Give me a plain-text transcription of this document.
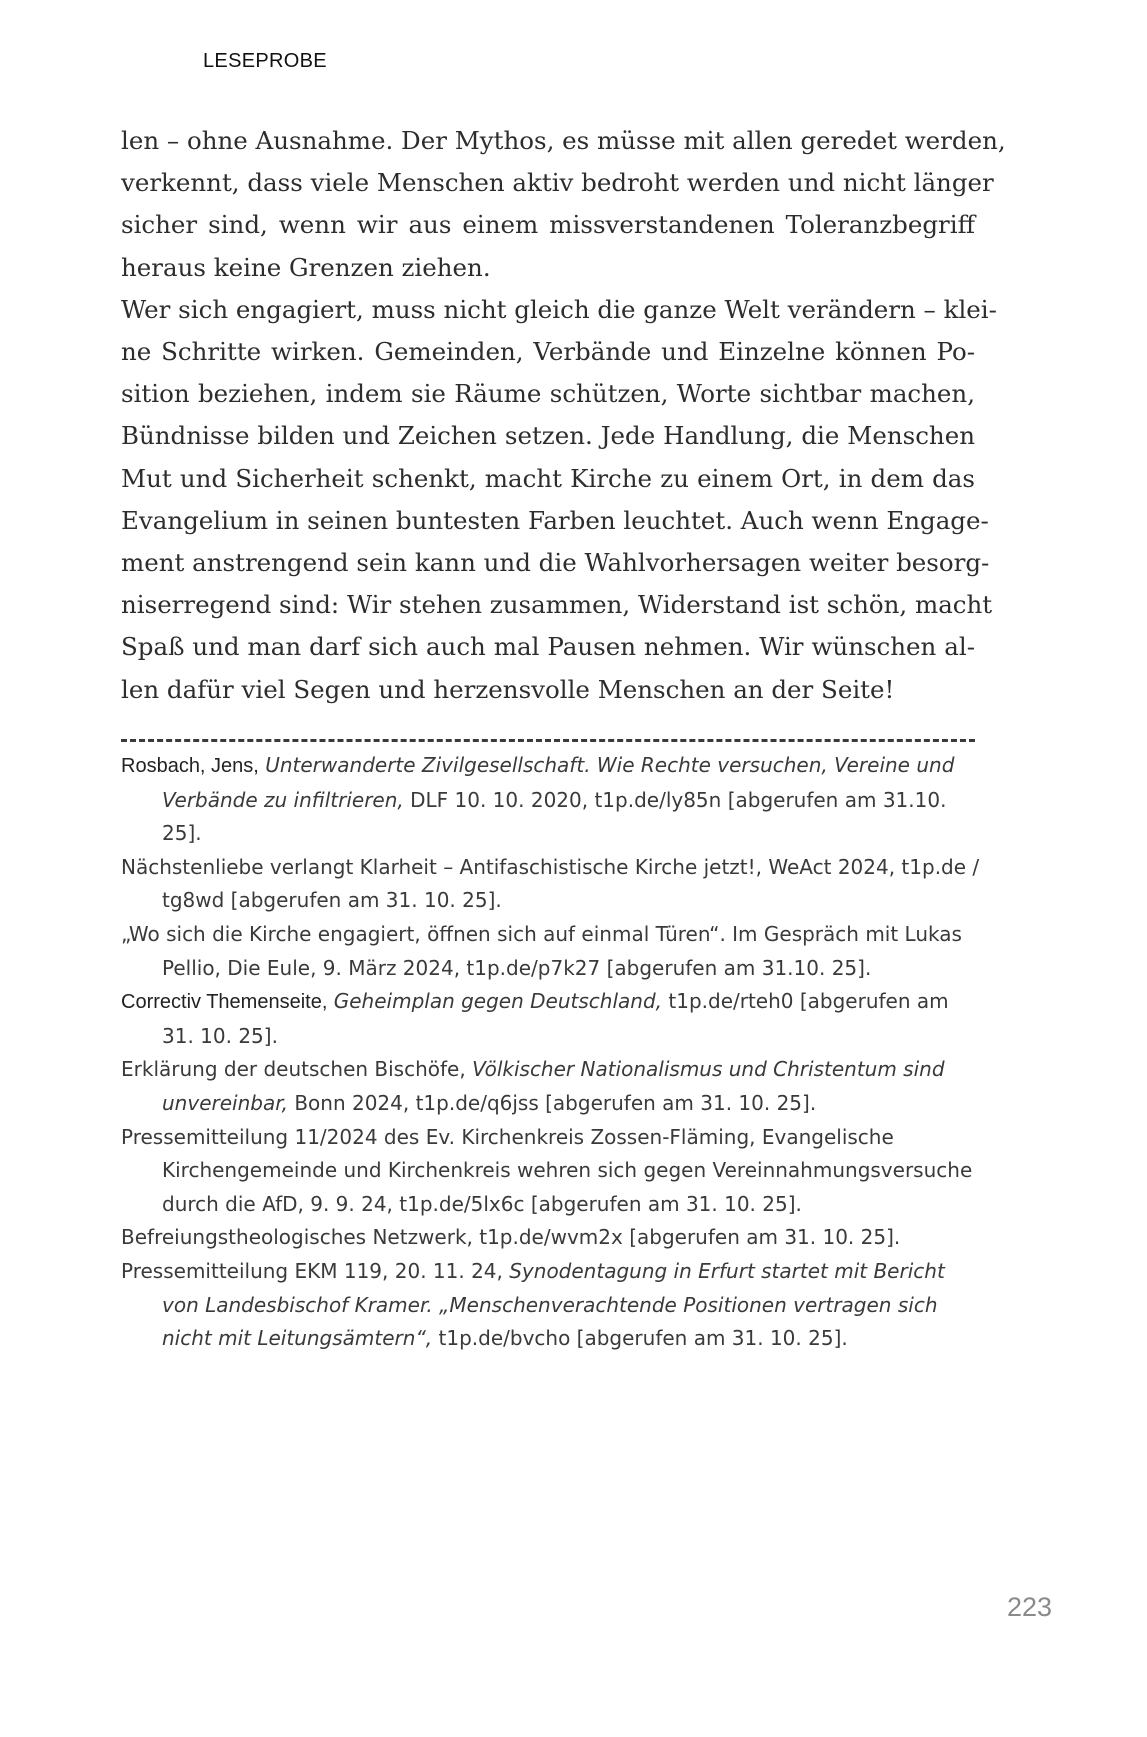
LESEPROBE
len – ohne Ausnahme. Der Mythos, es müsse mit allen geredet werden,
verkennt, dass viele Menschen aktiv bedroht werden und nicht länger
sicher sind, wenn wir aus einem missverstandenen Toleranzbegriff
heraus keine Grenzen ziehen.
Wer sich engagiert, muss nicht gleich die ganze Welt verändern – klei-
ne Schritte wirken. Gemeinden, Verbände und Einzelne können Po-
sition beziehen, indem sie Räume schützen, Worte sichtbar machen,
Bündnisse bilden und Zeichen setzen. Jede Handlung, die Menschen
Mut und Sicherheit schenkt, macht Kirche zu einem Ort, in dem das
Evangelium in seinen buntesten Farben leuchtet. Auch wenn Engage-
ment anstrengend sein kann und die Wahlvorhersagen weiter besorg-
niserregend sind: Wir stehen zusammen, Widerstand ist schön, macht
Spaß und man darf sich auch mal Pausen nehmen. Wir wünschen al-
len dafür viel Segen und herzensvolle Menschen an der Seite!
Rosbach, Jens, Unterwanderte Zivilgesellschaft. Wie Rechte versuchen, Vereine und Verbände zu infiltrieren, DLF 10. 10. 2020, t1p.de/ly85n [abgerufen am 31.10. 25].
Nächstenliebe verlangt Klarheit – Antifaschistische Kirche jetzt!, WeAct 2024, t1p.de / tg8wd [abgerufen am 31. 10. 25].
„Wo sich die Kirche engagiert, öffnen sich auf einmal Türen“. Im Gespräch mit Lukas Pellio, Die Eule, 9. März 2024, t1p.de/p7k27 [abgerufen am 31.10. 25].
Correctiv Themenseite, Geheimplan gegen Deutschland, t1p.de/rteh0 [abgerufen am 31. 10. 25].
Erklärung der deutschen Bischöfe, Völkischer Nationalismus und Christentum sind unvereinbar, Bonn 2024, t1p.de/q6jss [abgerufen am 31. 10. 25].
Pressemitteilung 11/2024 des Ev. Kirchenkreis Zossen-Fläming, Evangelische Kirchengemeinde und Kirchenkreis wehren sich gegen Vereinnahmungsversuche durch die AfD, 9. 9. 24, t1p.de/5lx6c [abgerufen am 31. 10. 25].
Befreiungstheologisches Netzwerk, t1p.de/wvm2x [abgerufen am 31. 10. 25].
Pressemitteilung EKM 119, 20. 11. 24, Synodentagung in Erfurt startet mit Bericht von Landesbischof Kramer. „Menschenverachtende Positionen vertragen sich nicht mit Leitungsämtern“, t1p.de/bvcho [abgerufen am 31. 10. 25].
223
